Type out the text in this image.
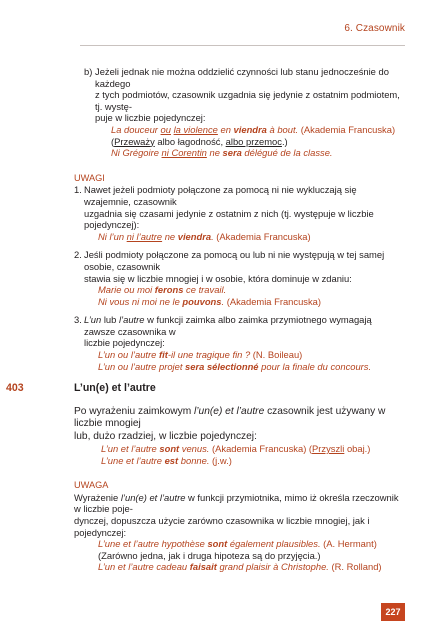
6. Czasownik
b) Jeżeli jednak nie można oddzielić czynności lub stanu jednocześnie do każdego

z tych podmiotów, czasownik uzgadnia się jedynie z ostatnim podmiotem, tj. wystę-

puje w liczbie pojedynczej:

La douceur ou la violence en viendra à bout. (Akademia Francuska)

(Przeważy albo łagodność, albo przemoc.)

Ni Grégoire ni Corentin ne sera délégué de la classe.

UWAGI

1. Nawet jeżeli podmioty połączone za pomocą ni nie wykluczają się wzajemnie, czasownik

uzgadnia się czasami jedynie z ostatnim z nich (tj. występuje w liczbie pojedynczej):

Ni l’un ni l’autre ne viendra. (Akademia Francuska)

2. Jeśli podmioty połączone za pomocą ou lub ni nie występują w tej samej osobie, czasownik

stawia się w liczbie mnogiej i w osobie, która dominuje w zdaniu:

Marie ou moi ferons ce travail.

Ni vous ni moi ne le pouvons. (Akademia Francuska)

3. L’un lub l’autre w funkcji zaimka albo zaimka przymiotnego wymagają zawsze czasownika w

liczbie pojedynczej:

L’un ou l’autre fit-il une tragique fin ? (N. Boileau)

L’un ou l’autre projet sera sélectionné pour la finale du concours.

403	L’un(e) et l’autre

Po wyrażeniu zaimkowym l’un(e) et l’autre czasownik jest używany w liczbie mnogiej

lub, dużo rzadziej, w liczbie pojedynczej:

L’un et l’autre sont venus. (Akademia Francuska) (Przyszli obaj.)

L’une et l’autre est bonne. (j.w.)

UWAGA

Wyrażenie l’un(e) et l’autre w funkcji przymiotnika, mimo iż określa rzeczownik w liczbie poje-

dynczej, dopuszcza użycie zarówno czasownika w liczbie mnogiej, jak i pojedynczej:

L’une et l’autre hypothèse sont également plausibles. (A. Hermant)

(Zarówno jedna, jak i druga hipoteza są do przyjęcia.)

L’un et l’autre cadeau faisait grand plaisir à Christophe. (R. Rolland)

227
